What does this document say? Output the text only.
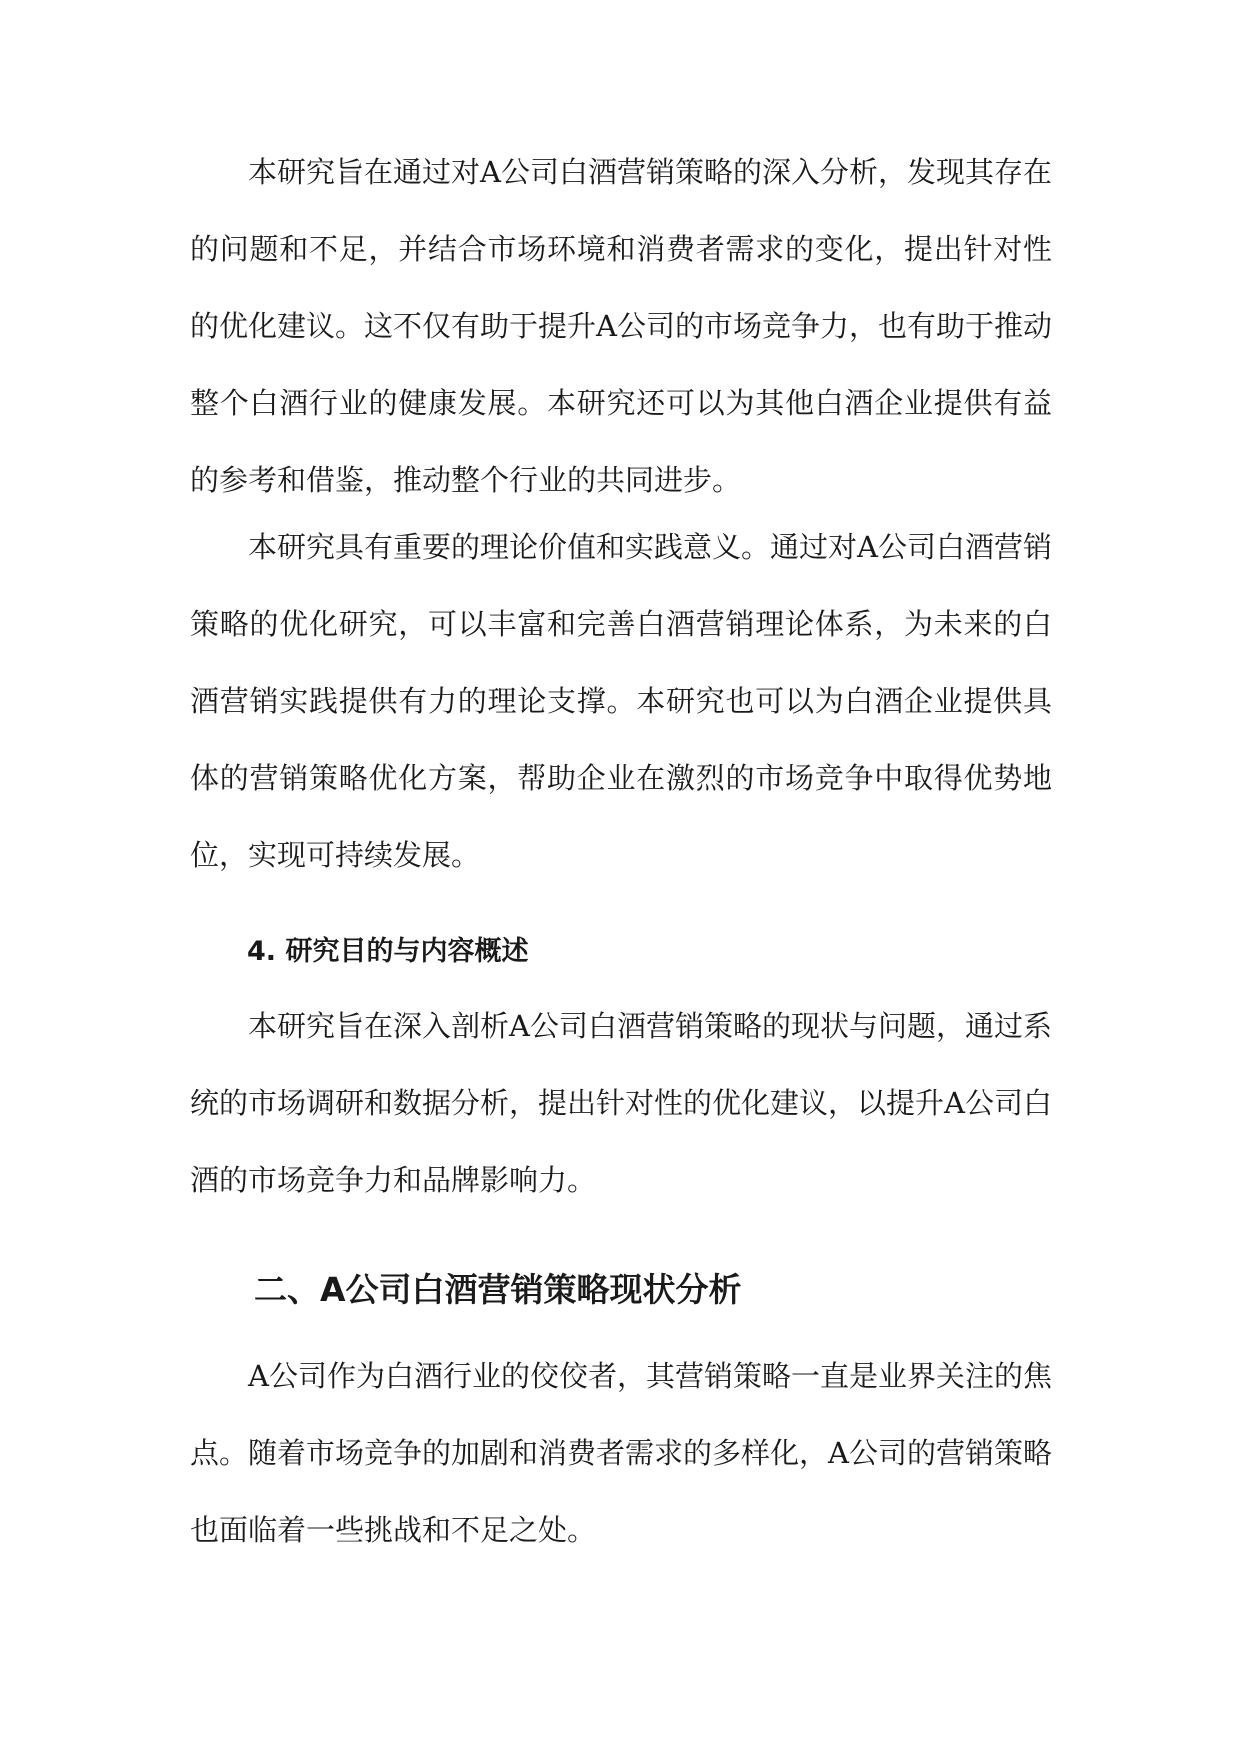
本研究旨在通过对A公司白酒营销策略的深入分析，发现其存在的问题和不足，并结合市场环境和消费者需求的变化，提出针对性的优化建议。这不仅有助于提升A公司的市场竞争力，也有助于推动整个白酒行业的健康发展。本研究还可以为其他白酒企业提供有益的参考和借鉴，推动整个行业的共同进步。

本研究具有重要的理论价值和实践意义。通过对A公司白酒营销策略的优化研究，可以丰富和完善白酒营销理论体系，为未来的白酒营销实践提供有力的理论支撑。本研究也可以为白酒企业提供具体的营销策略优化方案，帮助企业在激烈的市场竞争中取得优势地位，实现可持续发展。

4. 研究目的与内容概述

本研究旨在深入剖析A公司白酒营销策略的现状与问题，通过系统的市场调研和数据分析，提出针对性的优化建议，以提升A公司白酒的市场竞争力和品牌影响力。

二、A公司白酒营销策略现状分析

A公司作为白酒行业的佼佼者，其营销策略一直是业界关注的焦点。随着市场竞争的加剧和消费者需求的多样化，A公司的营销策略也面临着一些挑战和不足之处。
